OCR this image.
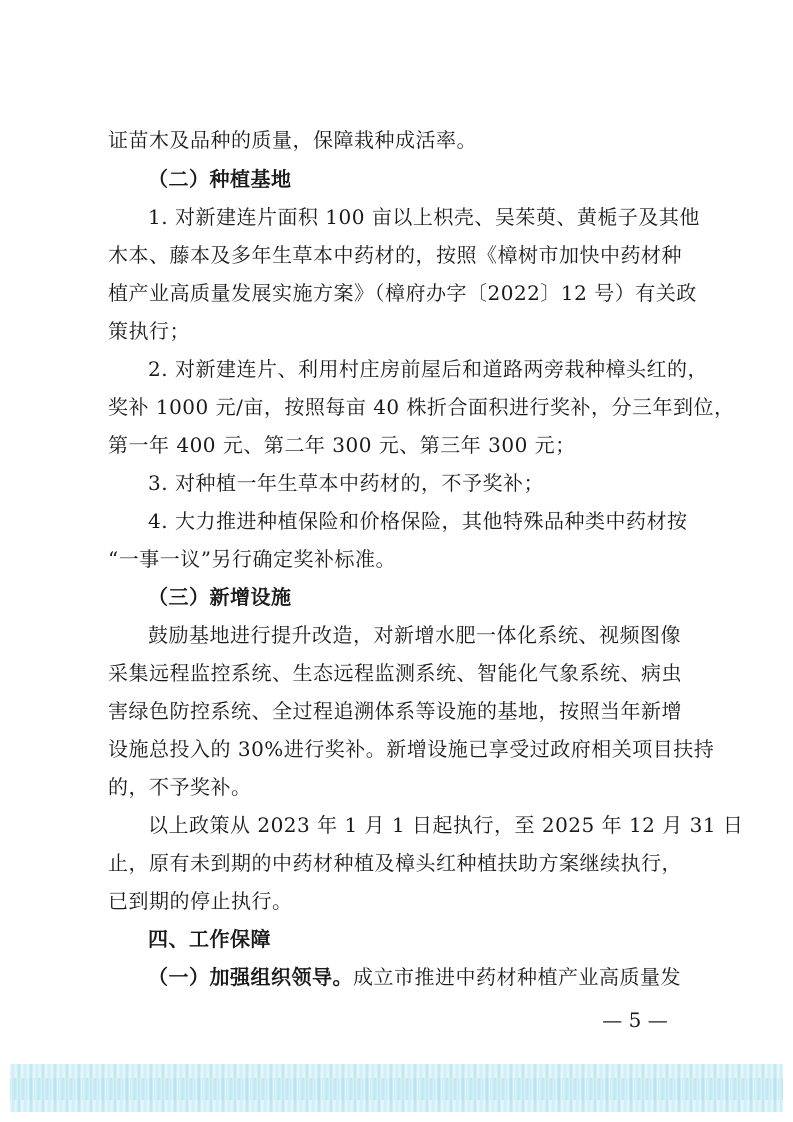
证苗木及品种的质量，保障栽种成活率。
（二）种植基地
1. 对新建连片面积 100 亩以上枳壳、吴茱萸、黄栀子及其他
木本、藤本及多年生草本中药材的，按照《樟树市加快中药材种
植产业高质量发展实施方案》（樟府办字〔2022〕12 号）有关政
策执行；
2. 对新建连片、利用村庄房前屋后和道路两旁栽种樟头红的，
奖补 1000 元/亩，按照每亩 40 株折合面积进行奖补，分三年到位，
第一年 400 元、第二年 300 元、第三年 300 元；
3. 对种植一年生草本中药材的，不予奖补；
4. 大力推进种植保险和价格保险，其他特殊品种类中药材按
“一事一议”另行确定奖补标准。
（三）新增设施
鼓励基地进行提升改造，对新增水肥一体化系统、视频图像
采集远程监控系统、生态远程监测系统、智能化气象系统、病虫
害绿色防控系统、全过程追溯体系等设施的基地，按照当年新增
设施总投入的 30%进行奖补。新增设施已享受过政府相关项目扶持
的，不予奖补。
以上政策从 2023 年 1 月 1 日起执行，至 2025 年 12 月 31 日
止，原有未到期的中药材种植及樟头红种植扶助方案继续执行，
已到期的停止执行。
四、工作保障
（一）加强组织领导。成立市推进中药材种植产业高质量发
— 5 —
